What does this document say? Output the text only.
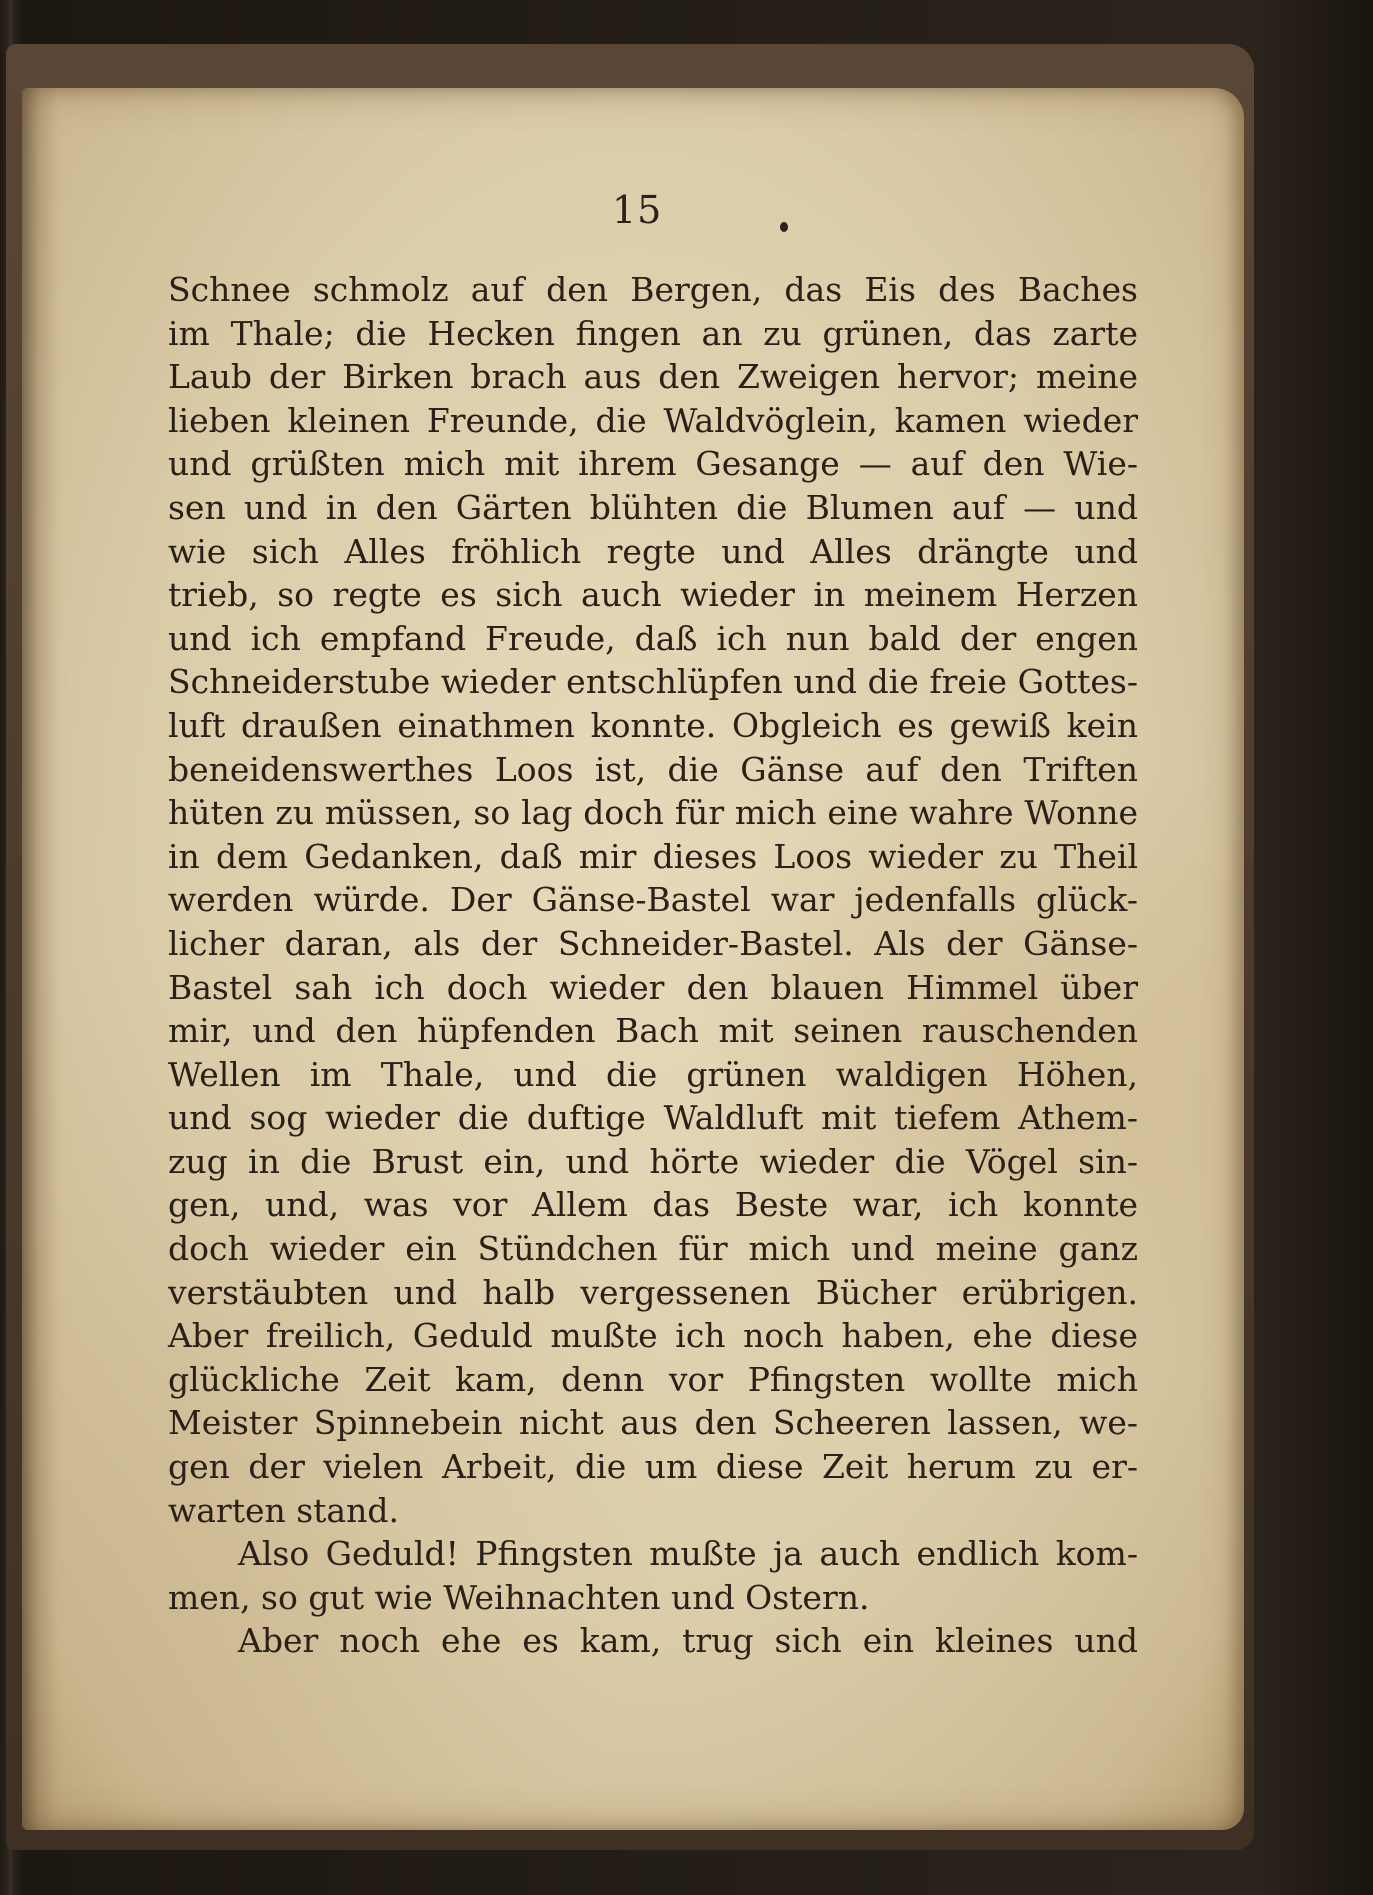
15
Schnee schmolz auf den Bergen, das Eis des Baches
im Thale; die Hecken fingen an zu grünen, das zarte
Laub der Birken brach aus den Zweigen hervor; meine
lieben kleinen Freunde, die Waldvöglein, kamen wieder
und grüßten mich mit ihrem Gesange — auf den Wie-
sen und in den Gärten blühten die Blumen auf — und
wie sich Alles fröhlich regte und Alles drängte und
trieb, so regte es sich auch wieder in meinem Herzen
und ich empfand Freude, daß ich nun bald der engen
Schneiderstube wieder entschlüpfen und die freie Gottes-
luft draußen einathmen konnte. Obgleich es gewiß kein
beneidenswerthes Loos ist, die Gänse auf den Triften
hüten zu müssen, so lag doch für mich eine wahre Wonne
in dem Gedanken, daß mir dieses Loos wieder zu Theil
werden würde. Der Gänse-Bastel war jedenfalls glück-
licher daran, als der Schneider-Bastel. Als der Gänse-
Bastel sah ich doch wieder den blauen Himmel über
mir, und den hüpfenden Bach mit seinen rauschenden
Wellen im Thale, und die grünen waldigen Höhen,
und sog wieder die duftige Waldluft mit tiefem Athem-
zug in die Brust ein, und hörte wieder die Vögel sin-
gen, und, was vor Allem das Beste war, ich konnte
doch wieder ein Stündchen für mich und meine ganz
verstäubten und halb vergessenen Bücher erübrigen.
Aber freilich, Geduld mußte ich noch haben, ehe diese
glückliche Zeit kam, denn vor Pfingsten wollte mich
Meister Spinnebein nicht aus den Scheeren lassen, we-
gen der vielen Arbeit, die um diese Zeit herum zu er-
warten stand.
Also Geduld! Pfingsten mußte ja auch endlich kom-
men, so gut wie Weihnachten und Ostern.
Aber noch ehe es kam, trug sich ein kleines und
